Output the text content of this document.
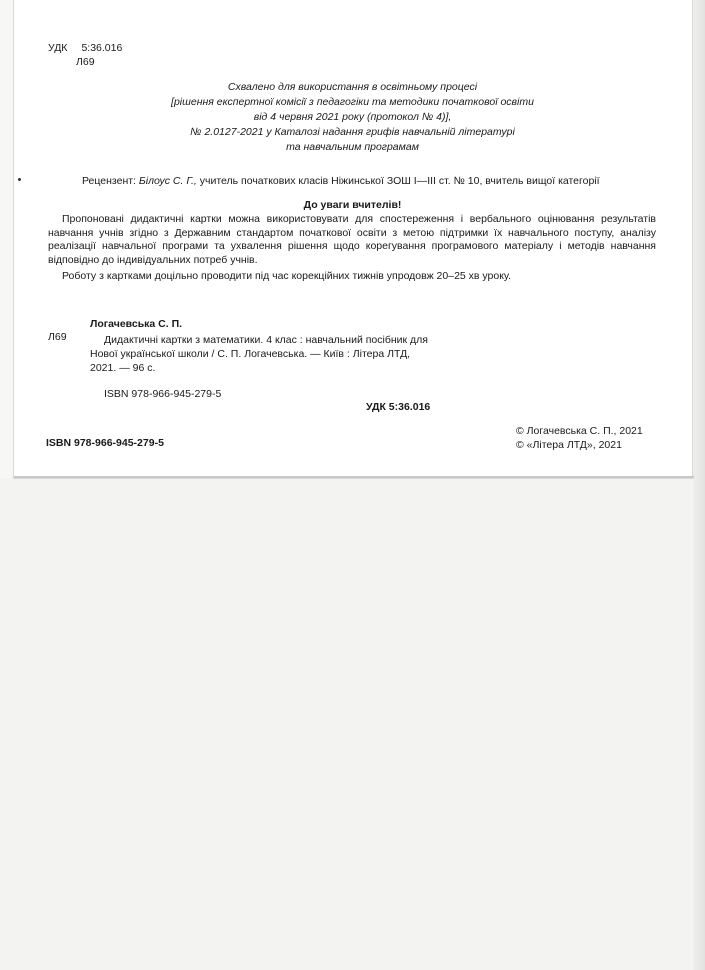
УДК 5:36.016
Л69
Схвалено для використання в освітньому процесі
[рішення експертної комісії з педагогіки та методики початкової освіти
від 4 червня 2021 року (протокол № 4)],
№ 2.0127-2021 у Каталозі надання грифів навчальній літературі
та навчальним програмам
Рецензент: Білоус С. Г., учитель початкових класів Ніжинської ЗОШ І—ІІІ ст. № 10, вчитель вищої категорії
До уваги вчителів!
Пропоновані дидактичні картки можна використовувати для спостереження і вербального оцінювання результатів навчання учнів згідно з Державним стандартом початкової освіти з метою підтримки їх навчального поступу, аналізу реалізації навчальної програми та ухвалення рішення щодо корегування програмового матеріалу і методів навчання відповідно до індивідуальних потреб учнів.
Роботу з картками доцільно проводити під час корекційних тижнів упродовж 20–25 хв уроку.
Логачевська С. П.
Л69	Дидактичні картки з математики. 4 клас : навчальний посібник для
Нової української школи / С. П. Логачевська. — Київ : Літера ЛТД,
2021. — 96 с.
ISBN 978-966-945-279-5
УДК 5:36.016
ISBN 978-966-945-279-5
© Логачевська С. П., 2021
© «Літера ЛТД», 2021
